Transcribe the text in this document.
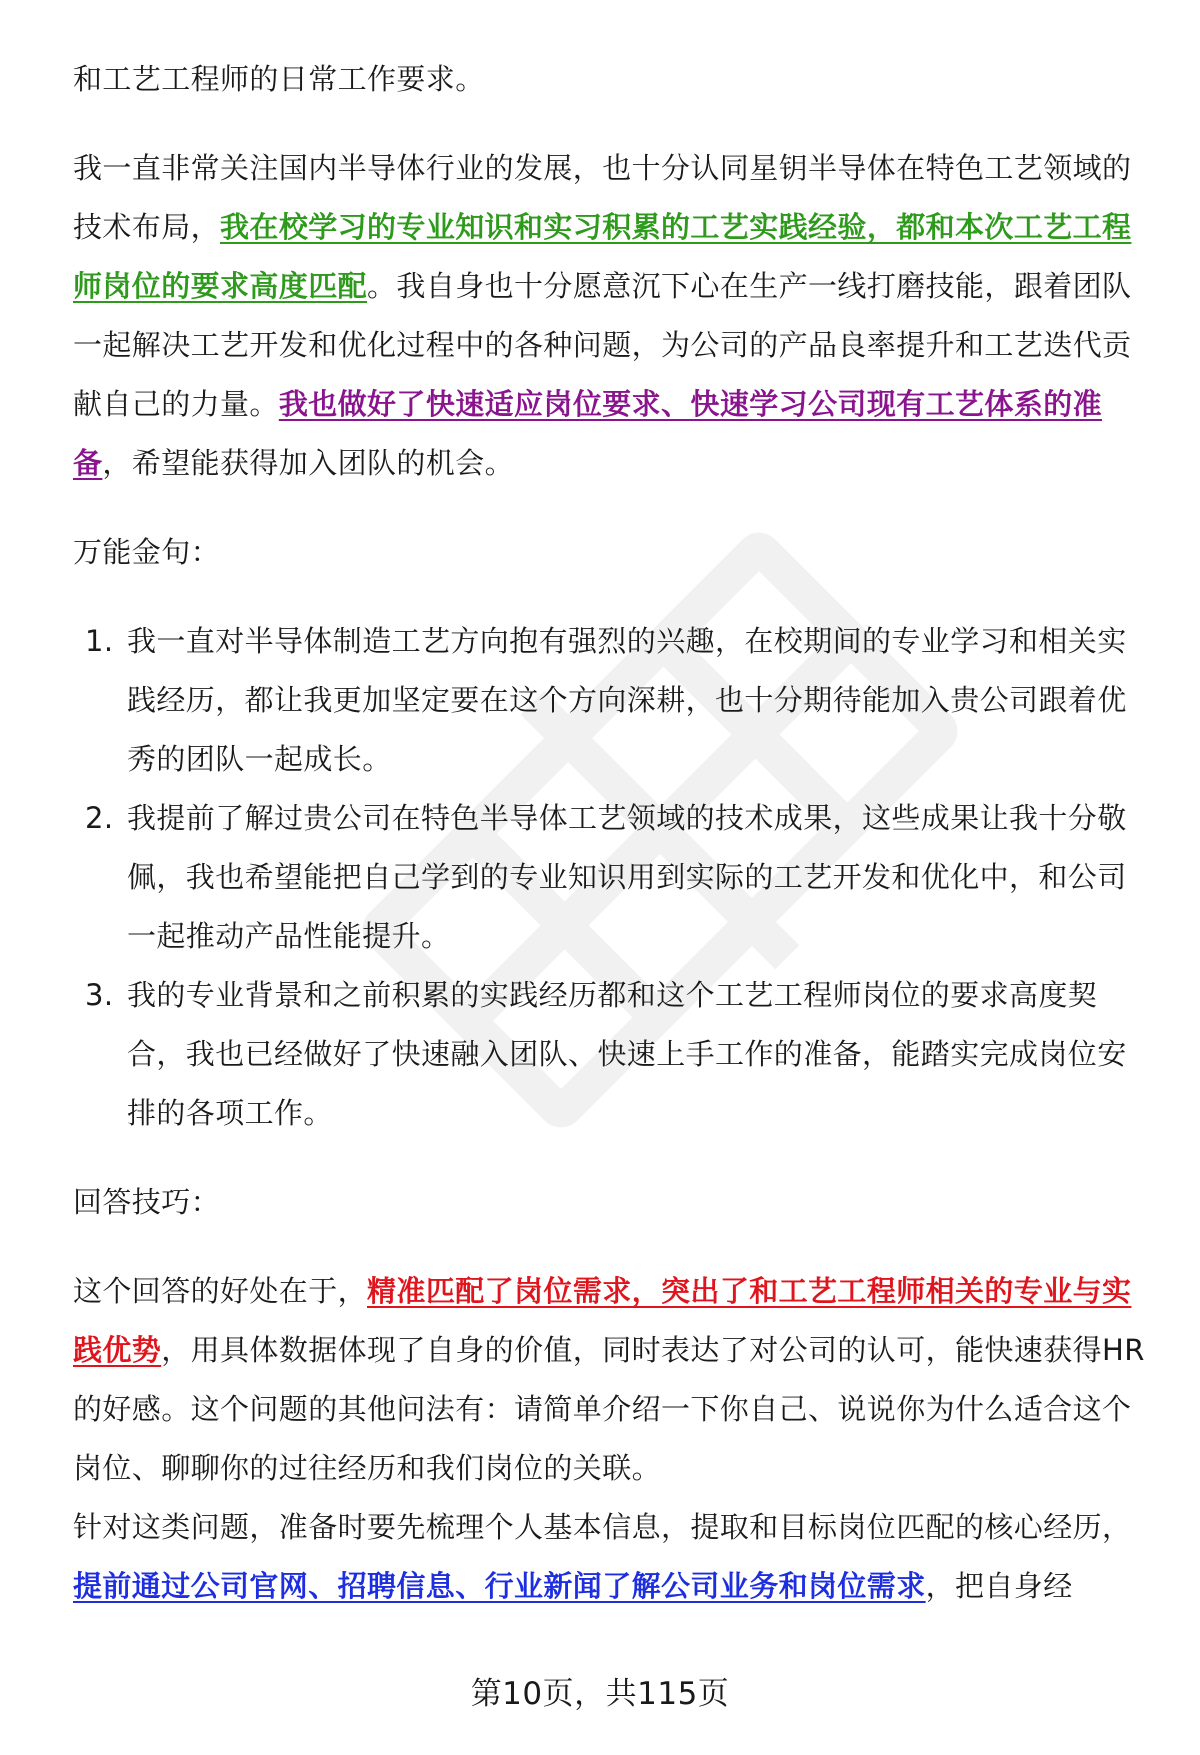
和工艺工程师的日常工作要求。

我一直非常关注国内半导体行业的发展，也十分认同星钥半导体在特色工艺领域的技术布局，我在校学习的专业知识和实习积累的工艺实践经验，都和本次工艺工程师岗位的要求高度匹配。我自身也十分愿意沉下心在生产一线打磨技能，跟着团队一起解决工艺开发和优化过程中的各种问题，为公司的产品良率提升和工艺迭代贡献自己的力量。我也做好了快速适应岗位要求、快速学习公司现有工艺体系的准备，希望能获得加入团队的机会。

万能金句：

1. 我一直对半导体制造工艺方向抱有强烈的兴趣，在校期间的专业学习和相关实践经历，都让我更加坚定要在这个方向深耕，也十分期待能加入贵公司跟着优秀的团队一起成长。
2. 我提前了解过贵公司在特色半导体工艺领域的技术成果，这些成果让我十分敬佩，我也希望能把自己学到的专业知识用到实际的工艺开发和优化中，和公司一起推动产品性能提升。
3. 我的专业背景和之前积累的实践经历都和这个工艺工程师岗位的要求高度契合，我也已经做好了快速融入团队、快速上手工作的准备，能踏实完成岗位安排的各项工作。

回答技巧：

这个回答的好处在于，精准匹配了岗位需求，突出了和工艺工程师相关的专业与实践优势，用具体数据体现了自身的价值，同时表达了对公司的认可，能快速获得HR的好感。这个问题的其他问法有：请简单介绍一下你自己、说说你为什么适合这个岗位、聊聊你的过往经历和我们岗位的关联。

针对这类问题，准备时要先梳理个人基本信息，提取和目标岗位匹配的核心经历，提前通过公司官网、招聘信息、行业新闻了解公司业务和岗位需求，把自身经

第10页，共115页
